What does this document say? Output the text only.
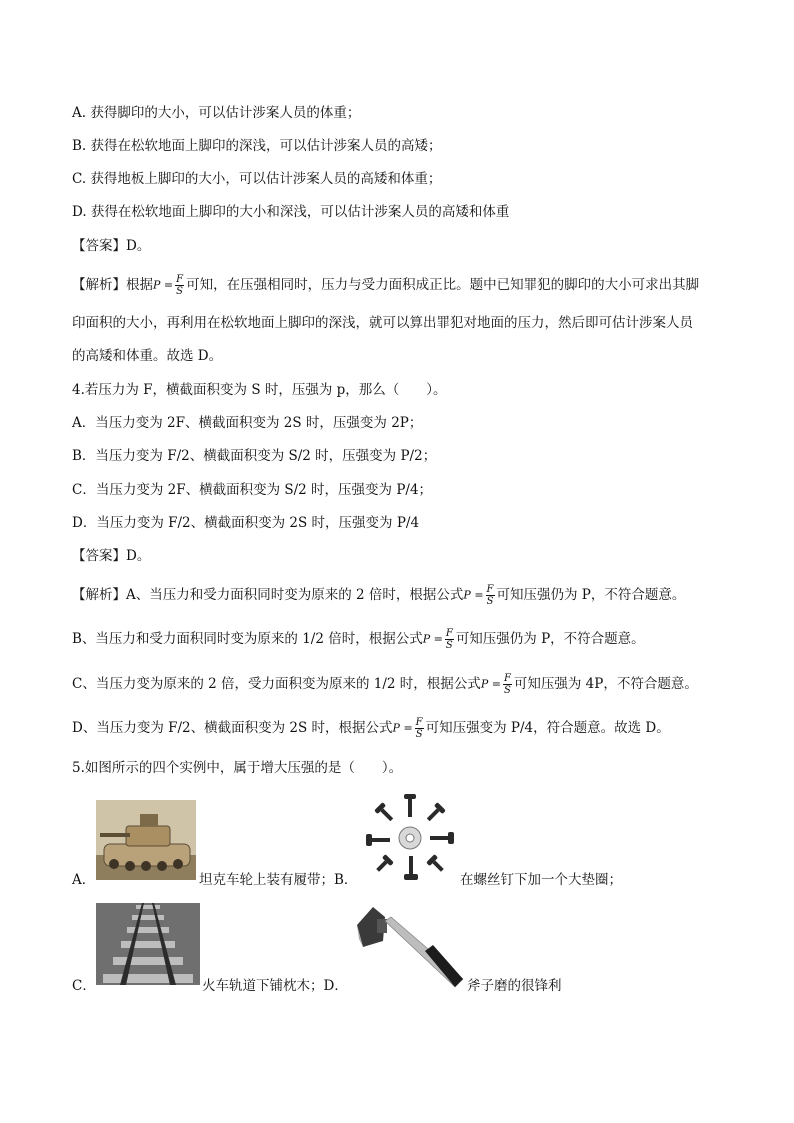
A. 获得脚印的大小，可以估计涉案人员的体重；
B. 获得在松软地面上脚印的深浅，可以估计涉案人员的高矮；
C. 获得地板上脚印的大小，可以估计涉案人员的高矮和体重；
D. 获得在松软地面上脚印的大小和深浅，可以估计涉案人员的高矮和体重
【答案】D。
【解析】根据$P = \frac{F}{S}$ 可知，在压强相同时，压力与受力面积成正比。题中已知罪犯的脚印的大小可求出其脚
印面积的大小，再利用在松软地面上脚印的深浅，就可以算出罪犯对地面的压力，然后即可估计涉案人员
的高矮和体重。故选 D。
4.若压力为 F，横截面积变为 S 时，压强为 p，那么（　　）。
A．当压力变为 2F、横截面积变为 2S 时，压强变为 2P；
B．当压力变为 F/2、横截面积变为 S/2 时，压强变为 P/2；
C．当压力变为 2F、横截面积变为 S/2 时，压强变为 P/4；
D．当压力变为 F/2、横截面积变为 2S 时，压强变为 P/4
【答案】D。
【解析】A、当压力和受力面积同时变为原来的 2 倍时，根据公式$P = \frac{F}{S}$ 可知压强仍为 P，不符合题意。
B、当压力和受力面积同时变为原来的 1/2 倍时，根据公式$P = \frac{F}{S}$ 可知压强仍为 P，不符合题意。
C、当压力变为原来的 2 倍，受力面积变为原来的 1/2 时，根据公式$P = \frac{F}{S}$ 可知压强为 4P，不符合题意。
D、当压力变为 F/2、横截面积变为 2S 时，根据公式$P = \frac{F}{S}$ 可知压强变为 P/4，符合题意。故选 D。
5.如图所示的四个实例中，属于增大压强的是（　　）。
A．	坦克车轮上装有履带；B．	在螺丝钉下加一个大垫圈；
C．	火车轨道下铺枕木；D．	斧子磨的很锋利
